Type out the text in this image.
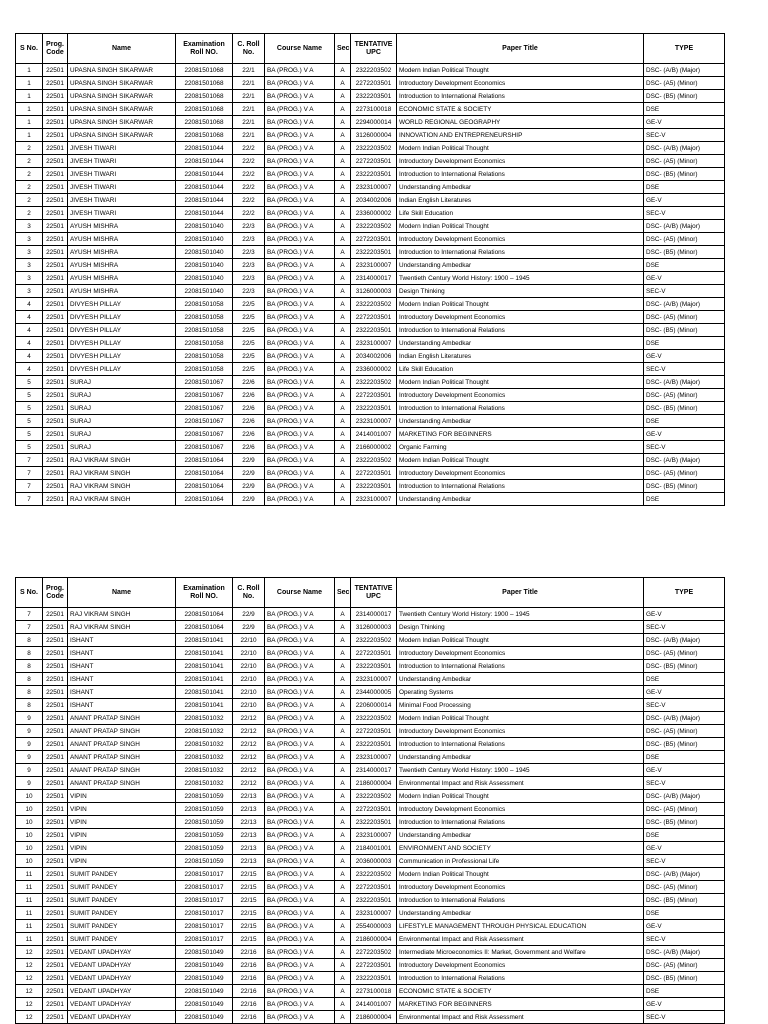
S No.	Prog. Code	Name	Examination Roll NO.	C. Roll No.	Course Name	Sec	TENTATIVE UPC	Paper Title	TYPE
1	22501	UPASNA SINGH SIKARWAR	22081501068	22/1	BA (PROG.) V A	A	2322203502	Modern Indian Political Thought	DSC- (A/B) (Major)
1	22501	UPASNA SINGH SIKARWAR	22081501068	22/1	BA (PROG.) V A	A	2272203501	Introductory Development Economics	DSC- (A5) (Minor)
1	22501	UPASNA SINGH SIKARWAR	22081501068	22/1	BA (PROG.) V A	A	2322203501	Introduction to International Relations	DSC- (B5) (Minor)
1	22501	UPASNA SINGH SIKARWAR	22081501068	22/1	BA (PROG.) V A	A	2273100018	ECONOMIC STATE & SOCIETY	DSE
1	22501	UPASNA SINGH SIKARWAR	22081501068	22/1	BA (PROG.) V A	A	2294000014	WORLD REGIONAL GEOGRAPHY	GE-V
1	22501	UPASNA SINGH SIKARWAR	22081501068	22/1	BA (PROG.) V A	A	3126000004	INNOVATION AND ENTREPRENEURSHIP	SEC-V
2	22501	JIVESH TIWARI	22081501044	22/2	BA (PROG.) V A	A	2322203502	Modern Indian Political Thought	DSC- (A/B) (Major)
2	22501	JIVESH TIWARI	22081501044	22/2	BA (PROG.) V A	A	2272203501	Introductory Development Economics	DSC- (A5) (Minor)
2	22501	JIVESH TIWARI	22081501044	22/2	BA (PROG.) V A	A	2322203501	Introduction to International Relations	DSC- (B5) (Minor)
2	22501	JIVESH TIWARI	22081501044	22/2	BA (PROG.) V A	A	2323100007	Understanding Ambedkar	DSE
2	22501	JIVESH TIWARI	22081501044	22/2	BA (PROG.) V A	A	2034002006	Indian English Literatures	GE-V
2	22501	JIVESH TIWARI	22081501044	22/2	BA (PROG.) V A	A	2336000002	Life Skill Education	SEC-V
3	22501	AYUSH MISHRA	22081501040	22/3	BA (PROG.) V A	A	2322203502	Modern Indian Political Thought	DSC- (A/B) (Major)
3	22501	AYUSH MISHRA	22081501040	22/3	BA (PROG.) V A	A	2272203501	Introductory Development Economics	DSC- (A5) (Minor)
3	22501	AYUSH MISHRA	22081501040	22/3	BA (PROG.) V A	A	2322203501	Introduction to International Relations	DSC- (B5) (Minor)
3	22501	AYUSH MISHRA	22081501040	22/3	BA (PROG.) V A	A	2323100007	Understanding Ambedkar	DSE
3	22501	AYUSH MISHRA	22081501040	22/3	BA (PROG.) V A	A	2314000017	Twentieth Century World History: 1900 – 1945	GE-V
3	22501	AYUSH MISHRA	22081501040	22/3	BA (PROG.) V A	A	3126000003	Design Thinking	SEC-V
4	22501	DIVYESH PILLAY	22081501058	22/5	BA (PROG.) V A	A	2322203502	Modern Indian Political Thought	DSC- (A/B) (Major)
4	22501	DIVYESH PILLAY	22081501058	22/5	BA (PROG.) V A	A	2272203501	Introductory Development Economics	DSC- (A5) (Minor)
4	22501	DIVYESH PILLAY	22081501058	22/5	BA (PROG.) V A	A	2322203501	Introduction to International Relations	DSC- (B5) (Minor)
4	22501	DIVYESH PILLAY	22081501058	22/5	BA (PROG.) V A	A	2323100007	Understanding Ambedkar	DSE
4	22501	DIVYESH PILLAY	22081501058	22/5	BA (PROG.) V A	A	2034002006	Indian English Literatures	GE-V
4	22501	DIVYESH PILLAY	22081501058	22/5	BA (PROG.) V A	A	2336000002	Life Skill Education	SEC-V
5	22501	SURAJ	22081501067	22/6	BA (PROG.) V A	A	2322203502	Modern Indian Political Thought	DSC- (A/B) (Major)
5	22501	SURAJ	22081501067	22/6	BA (PROG.) V A	A	2272203501	Introductory Development Economics	DSC- (A5) (Minor)
5	22501	SURAJ	22081501067	22/6	BA (PROG.) V A	A	2322203501	Introduction to International Relations	DSC- (B5) (Minor)
5	22501	SURAJ	22081501067	22/6	BA (PROG.) V A	A	2323100007	Understanding Ambedkar	DSE
5	22501	SURAJ	22081501067	22/6	BA (PROG.) V A	A	2414001007	MARKETING FOR BEGINNERS	GE-V
5	22501	SURAJ	22081501067	22/6	BA (PROG.) V A	A	2166000002	Organic Farming	SEC-V
7	22501	RAJ VIKRAM SINGH	22081501064	22/9	BA (PROG.) V A	A	2322203502	Modern Indian Political Thought	DSC- (A/B) (Major)
7	22501	RAJ VIKRAM SINGH	22081501064	22/9	BA (PROG.) V A	A	2272203501	Introductory Development Economics	DSC- (A5) (Minor)
7	22501	RAJ VIKRAM SINGH	22081501064	22/9	BA (PROG.) V A	A	2322203501	Introduction to International Relations	DSC- (B5) (Minor)
7	22501	RAJ VIKRAM SINGH	22081501064	22/9	BA (PROG.) V A	A	2323100007	Understanding Ambedkar	DSE
S No.	Prog. Code	Name	Examination Roll NO.	C. Roll No.	Course Name	Sec	TENTATIVE UPC	Paper Title	TYPE
7	22501	RAJ VIKRAM SINGH	22081501064	22/9	BA (PROG.) V A	A	2314000017	Twentieth Century World History: 1900 – 1945	GE-V
7	22501	RAJ VIKRAM SINGH	22081501064	22/9	BA (PROG.) V A	A	3126000003	Design Thinking	SEC-V
8	22501	ISHANT	22081501041	22/10	BA (PROG.) V A	A	2322203502	Modern Indian Political Thought	DSC- (A/B) (Major)
8	22501	ISHANT	22081501041	22/10	BA (PROG.) V A	A	2272203501	Introductory Development Economics	DSC- (A5) (Minor)
8	22501	ISHANT	22081501041	22/10	BA (PROG.) V A	A	2322203501	Introduction to International Relations	DSC- (B5) (Minor)
8	22501	ISHANT	22081501041	22/10	BA (PROG.) V A	A	2323100007	Understanding Ambedkar	DSE
8	22501	ISHANT	22081501041	22/10	BA (PROG.) V A	A	2344000005	Operating Systems	GE-V
8	22501	ISHANT	22081501041	22/10	BA (PROG.) V A	A	2206000014	Minimal Food Processing	SEC-V
9	22501	ANANT PRATAP SINGH	22081501032	22/12	BA (PROG.) V A	A	2322203502	Modern Indian Political Thought	DSC- (A/B) (Major)
9	22501	ANANT PRATAP SINGH	22081501032	22/12	BA (PROG.) V A	A	2272203501	Introductory Development Economics	DSC- (A5) (Minor)
9	22501	ANANT PRATAP SINGH	22081501032	22/12	BA (PROG.) V A	A	2322203501	Introduction to International Relations	DSC- (B5) (Minor)
9	22501	ANANT PRATAP SINGH	22081501032	22/12	BA (PROG.) V A	A	2323100007	Understanding Ambedkar	DSE
9	22501	ANANT PRATAP SINGH	22081501032	22/12	BA (PROG.) V A	A	2314000017	Twentieth Century World History: 1900 – 1945	GE-V
9	22501	ANANT PRATAP SINGH	22081501032	22/12	BA (PROG.) V A	A	2186000004	Environmental Impact and Risk Assessment	SEC-V
10	22501	VIPIN	22081501059	22/13	BA (PROG.) V A	A	2322203502	Modern Indian Political Thought	DSC- (A/B) (Major)
10	22501	VIPIN	22081501059	22/13	BA (PROG.) V A	A	2272203501	Introductory Development Economics	DSC- (A5) (Minor)
10	22501	VIPIN	22081501059	22/13	BA (PROG.) V A	A	2322203501	Introduction to International Relations	DSC- (B5) (Minor)
10	22501	VIPIN	22081501059	22/13	BA (PROG.) V A	A	2323100007	Understanding Ambedkar	DSE
10	22501	VIPIN	22081501059	22/13	BA (PROG.) V A	A	2184001001	ENVIRONMENT AND SOCIETY	GE-V
10	22501	VIPIN	22081501059	22/13	BA (PROG.) V A	A	2036000003	Communication in Professional Life	SEC-V
11	22501	SUMIT PANDEY	22081501017	22/15	BA (PROG.) V A	A	2322203502	Modern Indian Political Thought	DSC- (A/B) (Major)
11	22501	SUMIT PANDEY	22081501017	22/15	BA (PROG.) V A	A	2272203501	Introductory Development Economics	DSC- (A5) (Minor)
11	22501	SUMIT PANDEY	22081501017	22/15	BA (PROG.) V A	A	2322203501	Introduction to International Relations	DSC- (B5) (Minor)
11	22501	SUMIT PANDEY	22081501017	22/15	BA (PROG.) V A	A	2323100007	Understanding Ambedkar	DSE
11	22501	SUMIT PANDEY	22081501017	22/15	BA (PROG.) V A	A	2554000003	LIFESTYLE MANAGEMENT THROUGH PHYSICAL EDUCATION	GE-V
11	22501	SUMIT PANDEY	22081501017	22/15	BA (PROG.) V A	A	2186000004	Environmental Impact and Risk Assessment	SEC-V
12	22501	VEDANT UPADHYAY	22081501049	22/16	BA (PROG.) V A	A	2272203502	Intermediate Microeconomics II: Market, Government and Welfare	DSC- (A/B) (Major)
12	22501	VEDANT UPADHYAY	22081501049	22/16	BA (PROG.) V A	A	2272203501	Introductory Development Economics	DSC- (A5) (Minor)
12	22501	VEDANT UPADHYAY	22081501049	22/16	BA (PROG.) V A	A	2322203501	Introduction to International Relations	DSC- (B5) (Minor)
12	22501	VEDANT UPADHYAY	22081501049	22/16	BA (PROG.) V A	A	2273100018	ECONOMIC STATE & SOCIETY	DSE
12	22501	VEDANT UPADHYAY	22081501049	22/16	BA (PROG.) V A	A	2414001007	MARKETING FOR BEGINNERS	GE-V
12	22501	VEDANT UPADHYAY	22081501049	22/16	BA (PROG.) V A	A	2186000004	Environmental Impact and Risk Assessment	SEC-V
